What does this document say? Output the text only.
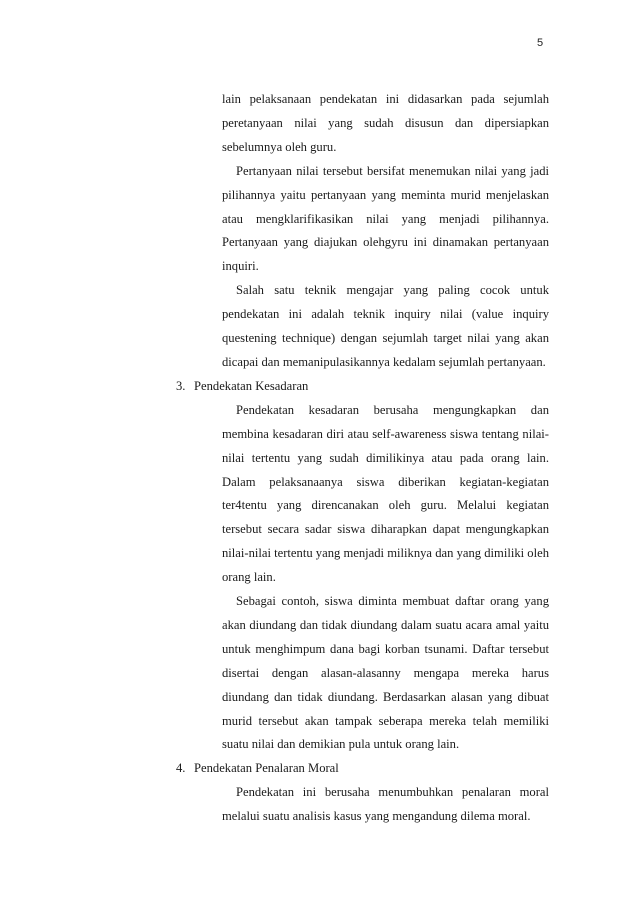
5

lain pelaksanaan pendekatan ini didasarkan pada sejumlah peretanyaan nilai yang sudah disusun dan dipersiapkan sebelumnya oleh guru.

Pertanyaan nilai tersebut bersifat menemukan nilai yang jadi pilihannya yaitu pertanyaan yang meminta murid menjelaskan atau mengklarifikasikan nilai yang menjadi pilihannya. Pertanyaan yang diajukan olehgyru ini dinamakan pertanyaan inquiri.

Salah satu teknik mengajar yang paling cocok untuk pendekatan ini adalah teknik inquiry nilai (value inquiry questening technique) dengan sejumlah target nilai yang akan dicapai dan memanipulasikannya kedalam sejumlah pertanyaan.

3. Pendekatan Kesadaran

Pendekatan kesadaran berusaha mengungkapkan dan membina kesadaran diri atau self-awareness siswa tentang nilai-nilai tertentu yang sudah dimilikinya atau pada orang lain. Dalam pelaksanaanya siswa diberikan kegiatan-kegiatan ter4tentu yang direncanakan oleh guru. Melalui kegiatan tersebut secara sadar siswa diharapkan dapat mengungkapkan nilai-nilai tertentu yang menjadi miliknya dan yang dimiliki oleh orang lain.

Sebagai contoh, siswa diminta membuat daftar orang yang akan diundang dan tidak diundang dalam suatu acara amal yaitu untuk menghimpum dana bagi korban tsunami. Daftar tersebut disertai dengan alasan-alasanny mengapa mereka harus diundang dan tidak diundang. Berdasarkan alasan yang dibuat murid tersebut akan tampak seberapa mereka telah memiliki suatu nilai dan demikian pula untuk orang lain.

4. Pendekatan Penalaran Moral

Pendekatan ini berusaha menumbuhkan penalaran moral melalui suatu analisis kasus yang mengandung dilema moral.
